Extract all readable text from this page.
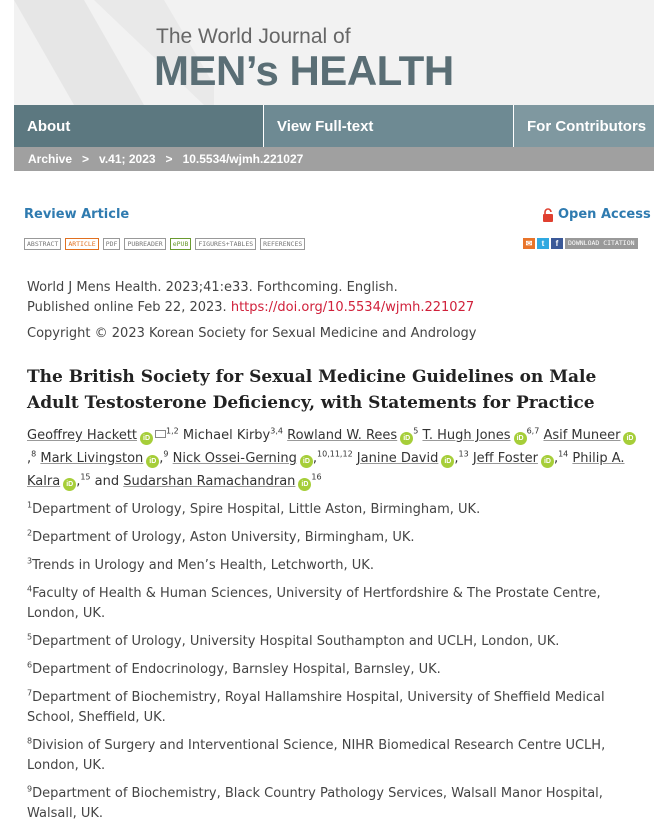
The World Journal of
MEN’s HEALTH
About	View Full-text	For Contributors
Archive > v.41; 2023 > 10.5534/wjmh.221027
Review Article	Open Access
ABSTRACT	ARTICLE	PDF	PUBREADER	ePUB	FIGURES+TABLES	REFERENCES	✉	t	f	DOWNLOAD CITATION
World J Mens Health. 2023;41:e33. Forthcoming. English.
Published online Feb 22, 2023. https://doi.org/10.5534/wjmh.221027
Copyright © 2023 Korean Society for Sexual Medicine and Andrology
The British Society for Sexual Medicine Guidelines on Male Adult Testosterone Deficiency, with Statements for Practice
Geoffrey Hackett iD$^{1,2}$ Michael Kirby$^{3,4}$ Rowland W. Rees $iD^5$ T. Hugh Jones iD$^{6,7}$ Asif Muneer iD
,$^8$ Mark Livingston iD ,$^9$ Nick Ossei-Gerning iD ,$^{10,11,12}$ Janine David iD ,$^{13}$ Jeff Foster iD ,$^{14}$ Philip A. Kalra iD ,$^{15}$ and Sudarshan Ramachandran $iD^{16}$
$^1$Department of Urology, Spire Hospital, Little Aston, Birmingham, UK.
$^2$Department of Urology, Aston University, Birmingham, UK.
$^3$Trends in Urology and Men’s Health, Letchworth, UK.
$^4$Faculty of Health & Human Sciences, University of Hertfordshire & The Prostate Centre, London, UK.
$^5$Department of Urology, University Hospital Southampton and UCLH, London, UK.
$^6$Department of Endocrinology, Barnsley Hospital, Barnsley, UK.
$^7$Department of Biochemistry, Royal Hallamshire Hospital, University of Sheffield Medical School, Sheffield, UK.
$^8$Division of Surgery and Interventional Science, NIHR Biomedical Research Centre UCLH, London, UK.
$^9$Department of Biochemistry, Black Country Pathology Services, Walsall Manor Hospital, Walsall, UK.
